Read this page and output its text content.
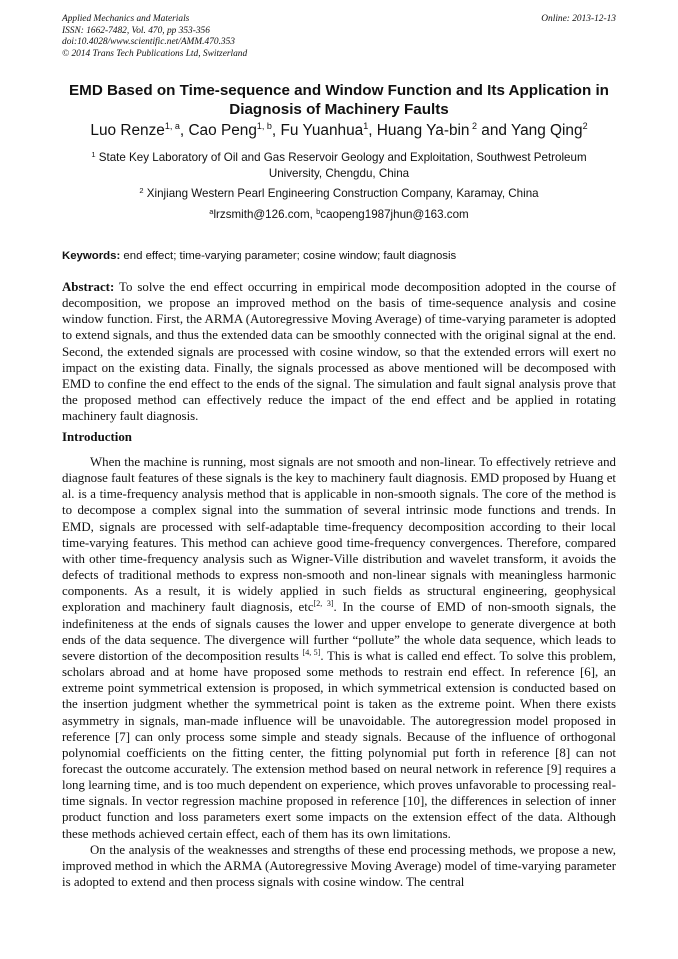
Applied Mechanics and Materials
ISSN: 1662-7482, Vol. 470, pp 353-356
doi:10.4028/www.scientific.net/AMM.470.353
© 2014 Trans Tech Publications Ltd, Switzerland
Online: 2013-12-13
EMD Based on Time-sequence and Window Function and Its Application in Diagnosis of Machinery Faults
Luo Renze$^{1, a}$, Cao Peng$^{1, b}$, Fu Yuanhua$^1$, Huang Ya-bin $^2$ and Yang Qing$^2$
$^1$ State Key Laboratory of Oil and Gas Reservoir Geology and Exploitation, Southwest Petroleum University, Chengdu, China
$^2$ Xinjiang Western Pearl Engineering Construction Company, Karamay, China
$^a$lrzsmith@126.com, $^b$caopeng1987jhun@163.com
Keywords: end effect; time-varying parameter; cosine window; fault diagnosis
Abstract: To solve the end effect occurring in empirical mode decomposition adopted in the course of decomposition, we propose an improved method on the basis of time-sequence analysis and cosine window function. First, the ARMA (Autoregressive Moving Average) of time-varying parameter is adopted to extend signals, and thus the extended data can be smoothly connected with the original signal at the end. Second, the extended signals are processed with cosine window, so that the extended errors will exert no impact on the existing data. Finally, the signals processed as above mentioned will be decomposed with EMD to confine the end effect to the ends of the signal. The simulation and fault signal analysis prove that the proposed method can effectively reduce the impact of the end effect and be applied in rotating machinery fault diagnosis.
Introduction

When the machine is running, most signals are not smooth and non-linear. To effectively retrieve and diagnose fault features of these signals is the key to machinery fault diagnosis. EMD proposed by Huang et al. is a time-frequency analysis method that is applicable in non-smooth signals. The core of the method is to decompose a complex signal into the summation of several intrinsic mode functions and trends. In EMD, signals are processed with self-adaptable time-frequency decomposition according to their local time-varying features. This method can achieve good time-frequency convergences. Therefore, compared with other time-frequency analysis such as Wigner-Ville distribution and wavelet transform, it avoids the defects of traditional methods to express non-smooth and non-linear signals with meaningless harmonic components. As a result, it is widely applied in such fields as structural engineering, geophysical exploration and machinery fault diagnosis, etc[2, 3]. In the course of EMD of non-smooth signals, the indefiniteness at the ends of signals causes the lower and upper envelope to generate divergence at both ends of the data sequence. The divergence will further “pollute” the whole data sequence, which leads to severe distortion of the decomposition results [4, 5]. This is what is called end effect. To solve this problem, scholars abroad and at home have proposed some methods to restrain end effect. In reference [6], an extreme point symmetrical extension is proposed, in which symmetrical extension is conducted based on the insertion judgment whether the symmetrical point is taken as the extreme point. When there exists asymmetry in signals, man-made influence will be unavoidable. The autoregression model proposed in reference [7] can only process some simple and steady signals. Because of the influence of orthogonal polynomial coefficients on the fitting center, the fitting polynomial put forth in reference [8] can not forecast the outcome accurately. The extension method based on neural network in reference [9] requires a long learning time, and is too much dependent on experience, which proves unfavorable to processing real-time signals. In vector regression machine proposed in reference [10], the differences in selection of inner product function and loss parameters exert some impacts on the extension effect of the data. Although these methods achieved certain effect, each of them has its own limitations.

On the analysis of the weaknesses and strengths of these end processing methods, we propose a new, improved method in which the ARMA (Autoregressive Moving Average) model of time-varying parameter is adopted to extend and then process signals with cosine window. The central
